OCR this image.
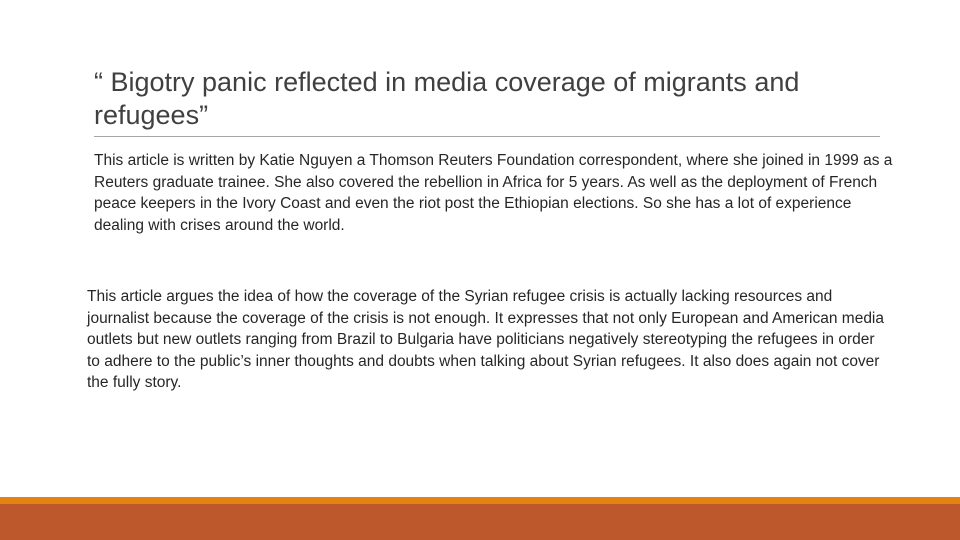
“ Bigotry panic reflected in media coverage of migrants and refugees”

This article is written by Katie Nguyen a Thomson Reuters Foundation correspondent, where she joined in 1999 as a Reuters graduate trainee. She also covered the rebellion in Africa for 5 years. As well as the deployment of French peace keepers in the Ivory Coast and even the riot post the Ethiopian elections. So she has a lot of experience dealing with crises around the world.

This article argues the idea of how the coverage of the Syrian refugee crisis is actually lacking resources and journalist because the coverage of the crisis is not enough. It expresses that not only European and American media outlets but new outlets ranging from Brazil to Bulgaria have politicians negatively stereotyping the refugees in order to adhere to the public’s inner thoughts and doubts when talking about Syrian refugees. It also does again not cover the fully story.
